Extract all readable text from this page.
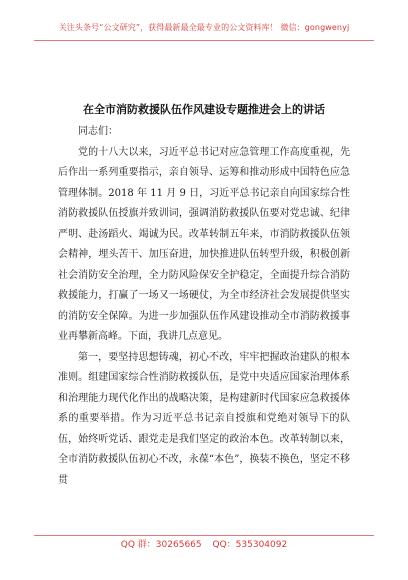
关注头条号“公文研究”，获得最新最全最专业的公文资料库！ 微信：gongwenyj
在全市消防救援队伍作风建设专题推进会上的讲话

同志们：

党的十八大以来，习近平总书记对应急管理工作高度重视，先后作出一系列重要指示，亲自领导、运筹和推动形成中国特色应急管理体制。2018 年 11 月 9 日，习近平总书记亲自向国家综合性消防救援队伍授旗并致训词，强调消防救援队伍要对党忠诚、纪律严明、赴汤蹈火、竭诚为民。改革转制五年来，市消防救援队伍领会精神，埋头苦干、加压奋进，加快推进队伍转型升级，积极创新社会消防安全治理，全力防风险保安全护稳定，全面提升综合消防救援能力，打赢了一场又一场硬仗，为全市经济社会发展提供坚实的消防安全保障。为进一步加强队伍作风建设推动全市消防救援事业再攀新高峰。下面，我讲几点意见。

第一，要坚持思想铸魂，初心不改，牢牢把握政治建队的根本准则。组建国家综合性消防救援队伍，是党中央适应国家治理体系和治理能力现代化作出的战略决策，是构建新时代国家应急救援体系的重要举措。作为习近平总书记亲自授旗和党绝对领导下的队伍，始终听党话、跟党走是我们坚定的政治本色。改革转制以来，全市消防救援队伍初心不改，永葆“本色”，换装不换色，坚定不移贯

QQ 群：30265665 QQ：535304092
